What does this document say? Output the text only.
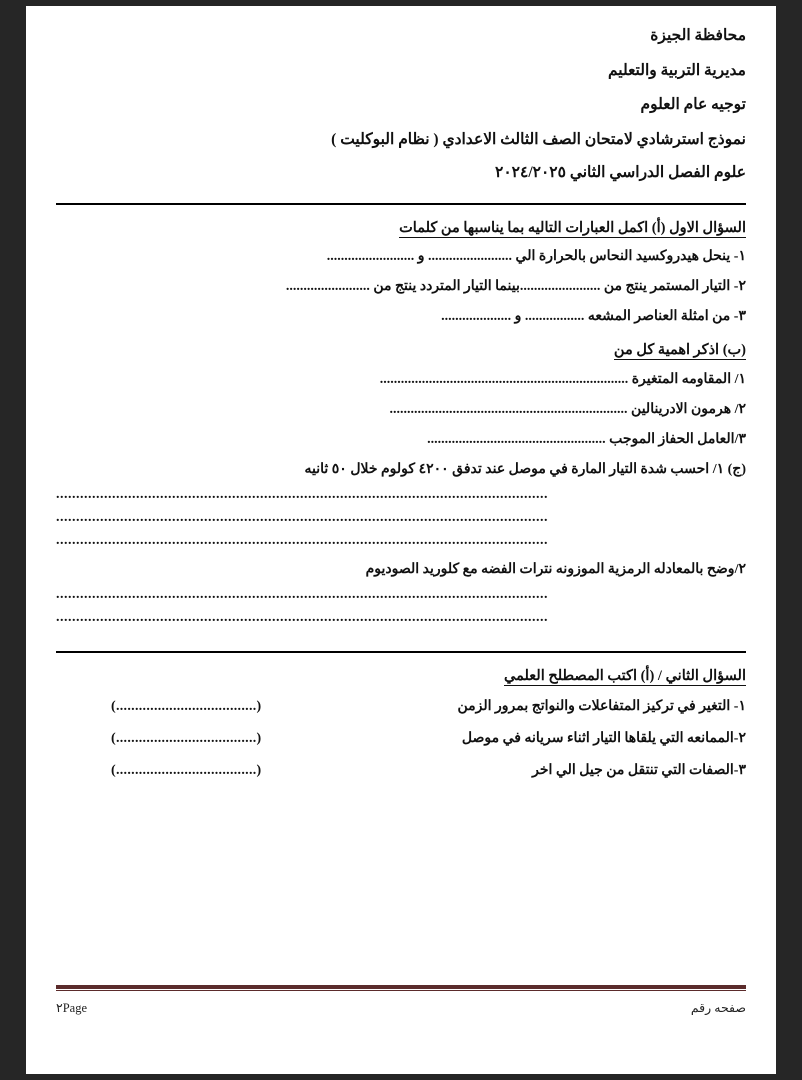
محافظة الجيزة
مديرية التربية والتعليم
توجيه عام العلوم
نموذج استرشادي لامتحان الصف الثالث الاعدادي ( نظام البوكليت )
علوم الفصل الدراسي الثاني ٢٠٢٤/٢٠٢٥
السؤال الاول (أ) اكمل العبارات التاليه بما يناسبها من كلمات
١- ينحل هيدروكسيد النحاس بالحرارة الي ........................ و .........................
٢- التيار المستمر ينتج من .......................بينما التيار المتردد ينتج من ........................
٣- من امثلة العناصر المشعه ................. و ....................
(ب) اذكر اهمية كل من
١/ المقاومه المتغيرة .......................................................................
٢/ هرمون الادرينالين ....................................................................
٣/العامل الحفاز الموجب ...................................................
(ج) ١/ احسب شدة التيار المارة في موصل عند تدفق ٤٢٠٠ كولوم خلال ٥٠ ثانيه
...........................................................................................................................
...........................................................................................................................
...........................................................................................................................
٢/وضح بالمعادله الرمزية الموزونه نترات الفضه مع كلوريد الصوديوم
...........................................................................................................................
...........................................................................................................................
السؤال الثاني / (أ) اكتب المصطلح العلمي
١- التغير في تركيز المتفاعلات والنواتج بمرور الزمن
(.....................................)
٢-الممانعه التي يلقاها التيار اثناء سريانه في موصل
(.....................................)
٣-الصفات التي تنتقل من جيل الي اخر
(.....................................)
صفحه رقم
٢Page
